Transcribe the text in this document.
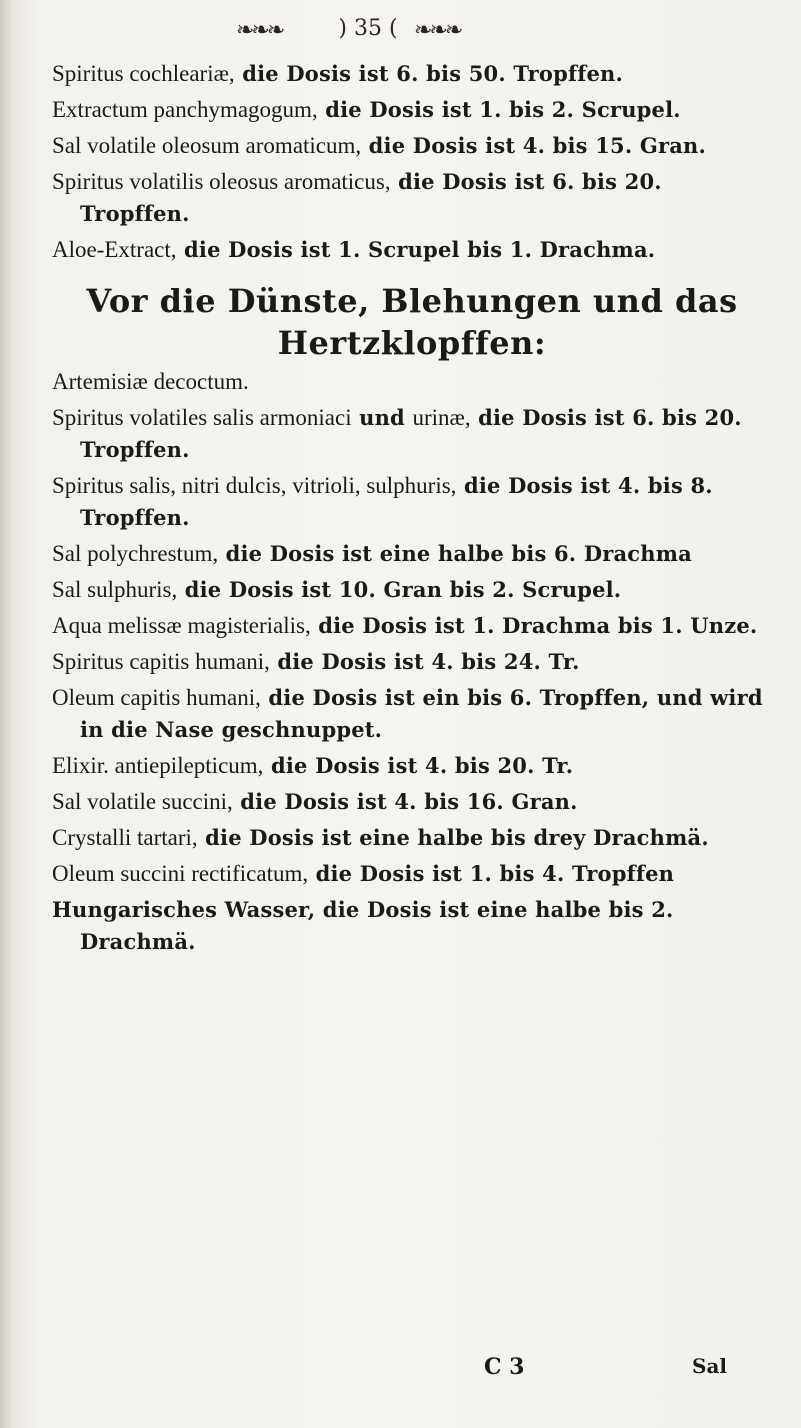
❧❧❧	) 35 ( ❧❧❧
Spiritus cochleariæ, die Dosis ist 6. bis 50. Tropffen.
Extractum panchymagogum, die Dosis ist 1. bis 2. Scrupel.
Sal volatile oleosum aromaticum, die Dosis ist 4. bis 15. Gran.
Spiritus volatilis oleosus aromaticus, die Dosis ist 6. bis 20. Tropffen.
Aloe-Extract, die Dosis ist 1. Scrupel bis 1. Drachma.
Vor die Dünste, Blehungen und das Hertzklopffen:
Artemisiæ decoctum.
Spiritus volatiles salis armoniaci und urinæ, die Dosis ist 6. bis 20. Tropffen.
Spiritus salis, nitri dulcis, vitrioli, sulphuris, die Dosis ist 4. bis 8. Tropffen.
Sal polychrestum, die Dosis ist eine halbe bis 6. Drachma
Sal sulphuris, die Dosis ist 10. Gran bis 2. Scrupel.
Aqua melissæ magisterialis, die Dosis ist 1. Drachma bis 1. Unze.
Spiritus capitis humani, die Dosis ist 4. bis 24. Tr.
Oleum capitis humani, die Dosis ist ein bis 6. Tropffen, und wird in die Nase geschnuppet.
Elixir. antiepilepticum, die Dosis ist 4. bis 20. Tr.
Sal volatile succini, die Dosis ist 4. bis 16. Gran.
Crystalli tartari, die Dosis ist eine halbe bis drey Drachmä.
Oleum succini rectificatum, die Dosis ist 1. bis 4. Tropffen
Hungarisches Wasser, die Dosis ist eine halbe bis 2. Drachmä.
C 3	Sal
